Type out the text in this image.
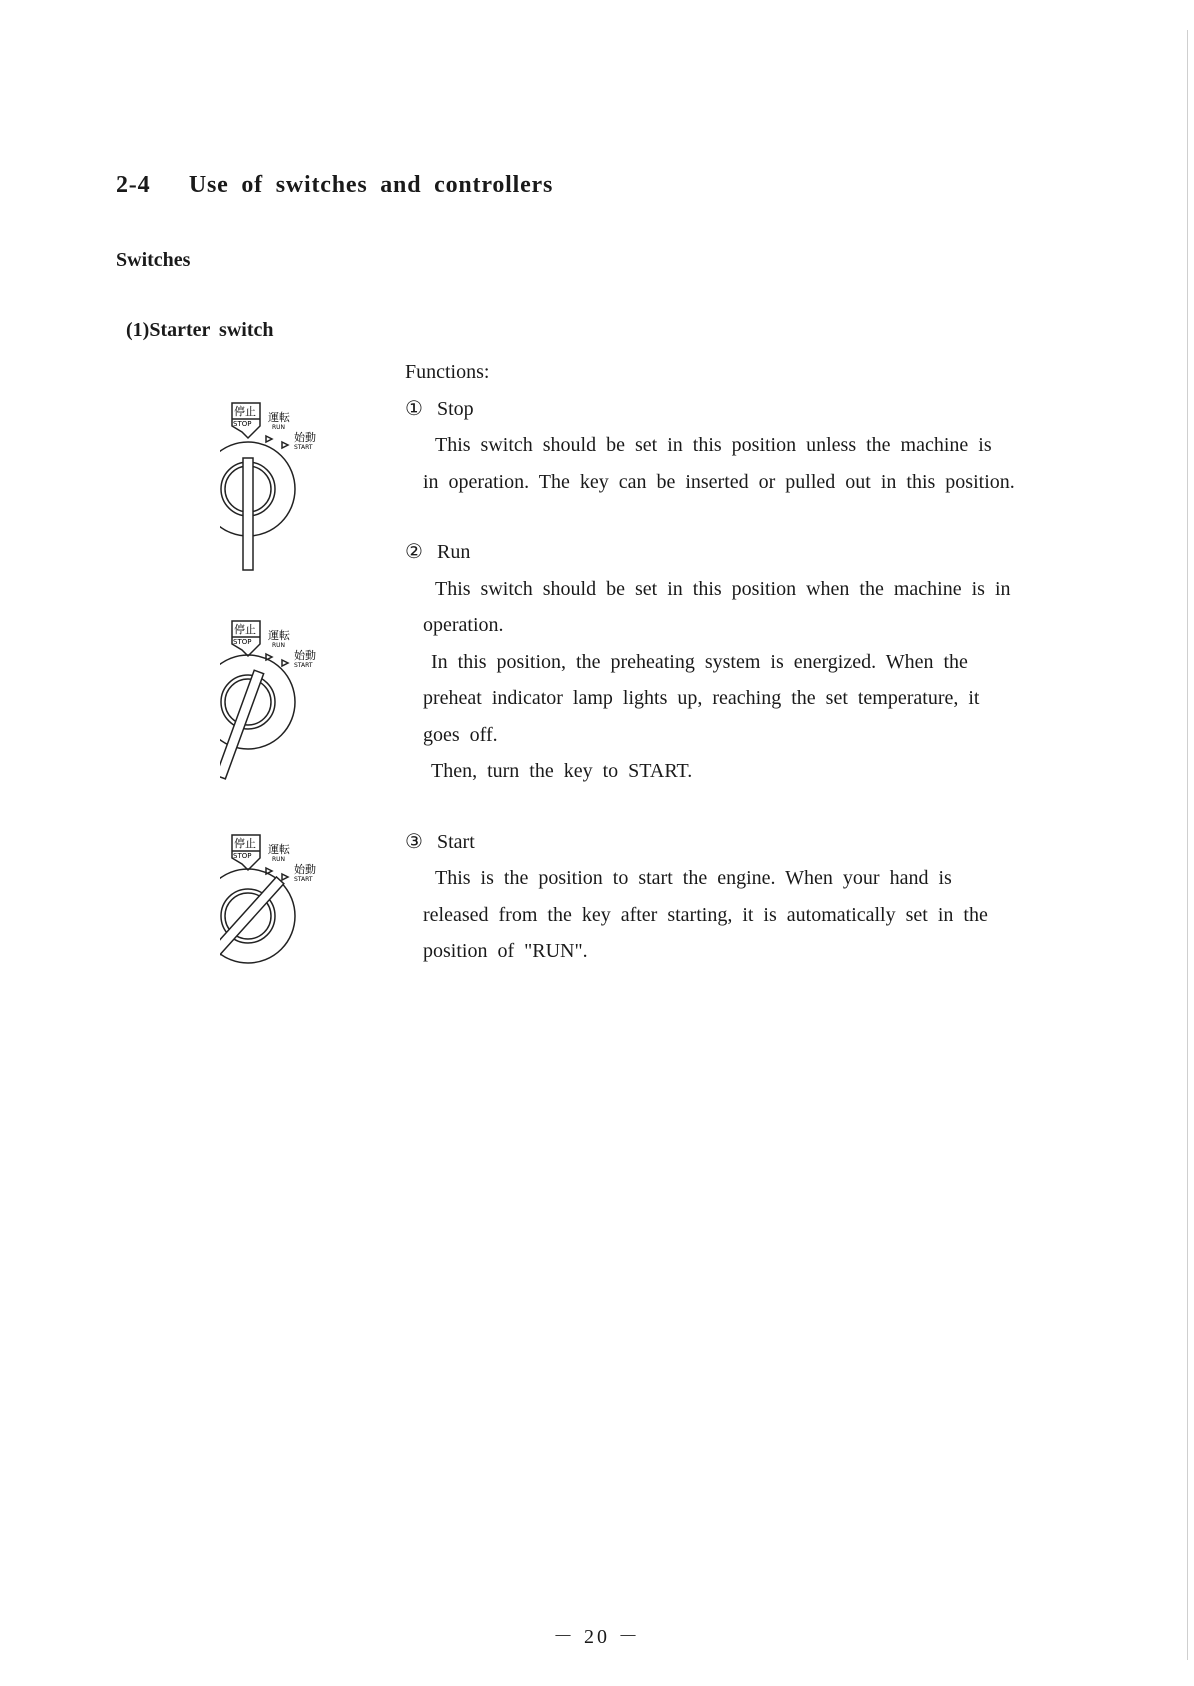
2-4 Use of switches and controllers
Switches
(1)Starter switch
停止
STOP 運転
RUN
始動
START
停止
STOP 運転
RUN
始動
START
停止
STOP 運転
RUN
始動
START

Functions:

① Stop

This switch should be set in this position unless the machine is in operation. The key can be inserted or pulled out in this position.

② Run

This switch should be set in this position when the machine is in operation.

In this position, the preheating system is energized. When the preheat indicator lamp lights up, reaching the set temperature, it goes off.

Then, turn the key to START.

③ Start

This is the position to start the engine. When your hand is released from the key after starting, it is automatically set in the position of "RUN".

－ 20 －
